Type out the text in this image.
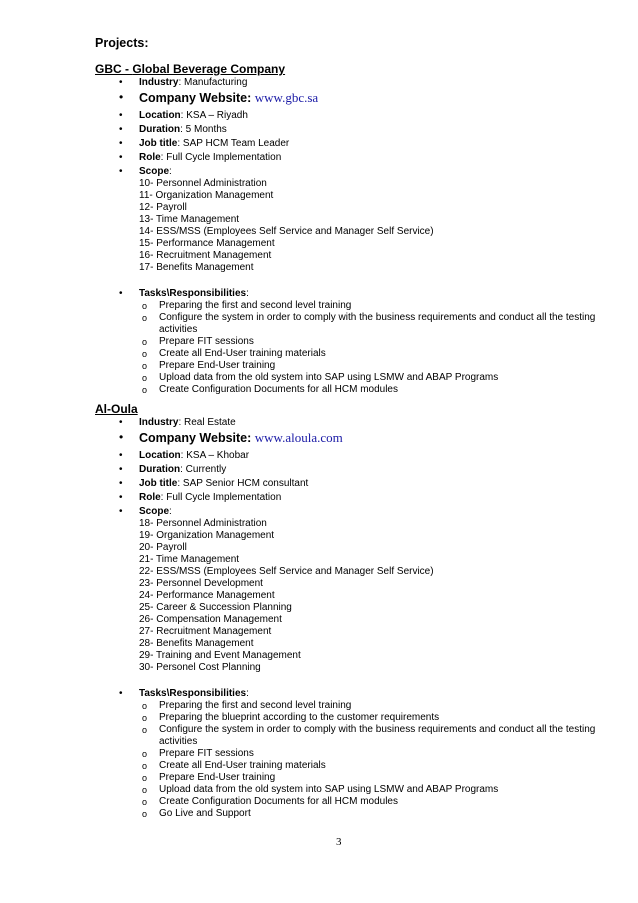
Projects:
GBC - Global Beverage Company
• Industry: Manufacturing
• Company Website: www.gbc.sa
• Location: KSA – Riyadh
• Duration: 5 Months
• Job title: SAP HCM Team Leader
• Role: Full Cycle Implementation
• Scope:
10- Personnel Administration
11- Organization Management
12- Payroll
13- Time Management
14- ESS/MSS (Employees Self Service and Manager Self Service)
15- Performance Management
16- Recruitment Management
17- Benefits Management
• Tasks\Responsibilities:
o Preparing the first and second level training
o Configure the system in order to comply with the business requirements and conduct all the testing activities
o Prepare FIT sessions
o Create all End-User training materials
o Prepare End-User training
o Upload data from the old system into SAP using LSMW and ABAP Programs
o Create Configuration Documents for all HCM modules
Al-Oula
• Industry: Real Estate
• Company Website: www.aloula.com
• Location: KSA – Khobar
• Duration: Currently
• Job title: SAP Senior HCM consultant
• Role: Full Cycle Implementation
• Scope:
18- Personnel Administration
19- Organization Management
20- Payroll
21- Time Management
22- ESS/MSS (Employees Self Service and Manager Self Service)
23- Personnel Development
24- Performance Management
25- Career & Succession Planning
26- Compensation Management
27- Recruitment Management
28- Benefits Management
29- Training and Event Management
30- Personel Cost Planning
• Tasks\Responsibilities:
o Preparing the first and second level training
o Preparing the blueprint according to the customer requirements
o Configure the system in order to comply with the business requirements and conduct all the testing activities
o Prepare FIT sessions
o Create all End-User training materials
o Prepare End-User training
o Upload data from the old system into SAP using LSMW and ABAP Programs
o Create Configuration Documents for all HCM modules
o Go Live and Support
3
